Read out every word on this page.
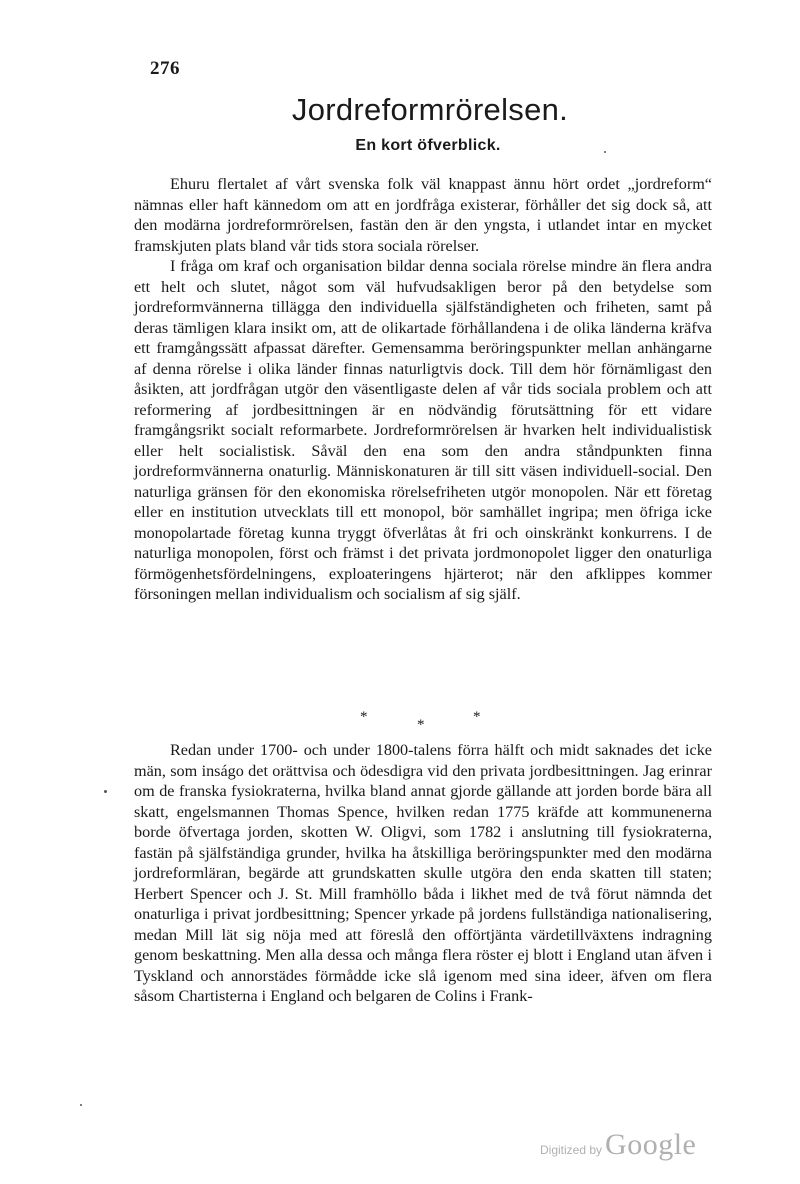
276
Jordreformrörelsen.
En kort öfverblick.

Ehuru flertalet af vårt svenska folk väl knappast ännu hört ordet „jordreform“ nämnas eller haft kännedom om att en jordfråga existerar, förhåller det sig dock så, att den modärna jordreformrörelsen, fastän den är den yngsta, i utlandet intar en mycket framskjuten plats bland vår tids stora sociala rörelser.

I fråga om kraf och organisation bildar denna sociala rörelse mindre än flera andra ett helt och slutet, något som väl hufvudsakligen beror på den betydelse som jordreformvännerna tillägga den individuella själfständigheten och friheten, samt på deras tämligen klara insikt om, att de olikartade förhållandena i de olika länderna kräfva ett framgångssätt afpassat därefter. Gemensamma beröringspunkter mellan anhängarne af denna rörelse i olika länder finnas naturligtvis dock. Till dem hör förnämligast den åsikten, att jordfrågan utgör den väsentligaste delen af vår tids sociala problem och att reformering af jordbesittningen är en nödvändig förutsättning för ett vidare framgångsrikt socialt reformarbete. Jordreformrörelsen är hvarken helt individualistisk eller helt socialistisk. Såväl den ena som den andra ståndpunkten finna jordreformvännerna onaturlig. Människonaturen är till sitt väsen individuell-social. Den naturliga gränsen för den ekonomiska rörelsefriheten utgör monopolen. När ett företag eller en institution utvecklats till ett monopol, bör samhället ingripa; men öfriga icke monopolartade företag kunna tryggt öfverlåtas åt fri och oinskränkt konkurrens. I de naturliga monopolen, först och främst i det privata jordmonopolet ligger den onaturliga förmögenhetsfördelningens, exploateringens hjärterot; när den afklippes kommer försoningen mellan individualism och socialism af sig själf.

*	*	*

Redan under 1700- och under 1800-talens förra hälft och midt saknades det icke män, som inságo det orättvisa och ödesdigra vid den privata jordbesittningen. Jag erinrar om de franska fysiokraterna, hvilka bland annat gjorde gällande att jorden borde bära all skatt, engelsmannen Thomas Spence, hvilken redan 1775 kräfde att kommunenerna borde öfvertaga jorden, skotten W. Oligvi, som 1782 i anslutning till fysiokraterna, fastän på själfständiga grunder, hvilka ha åtskilliga beröringspunkter med den modärna jordreformläran, begärde att grundskatten skulle utgöra den enda skatten till staten; Herbert Spencer och J. St. Mill framhöllo båda i likhet med de två förut nämnda det onaturliga i privat jordbesittning; Spencer yrkade på jordens fullständiga nationalisering, medan Mill lät sig nöja med att föreslå den offörtjänta värdetillväxtens indragning genom beskattning. Men alla dessa och många flera röster ej blott i England utan äfven i Tyskland och annorstädes förmådde icke slå igenom med sina ideer, äfven om flera såsom Chartisterna i England och belgaren de Colins i Frank-

Digitized by Google
